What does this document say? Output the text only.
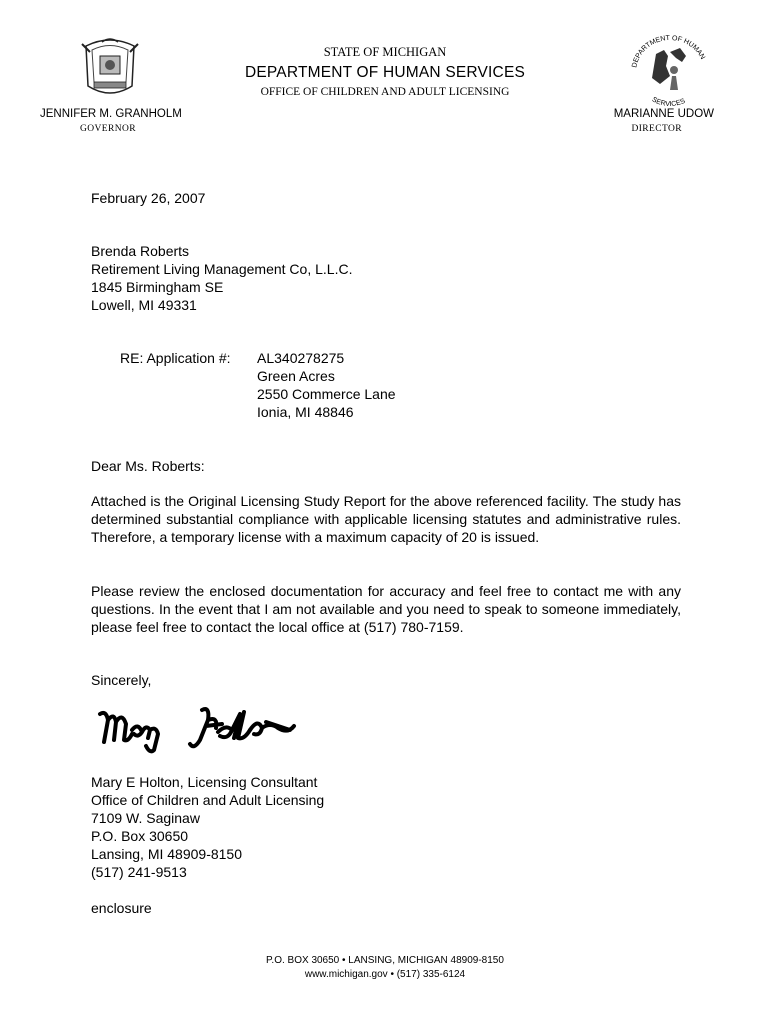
STATE OF MICHIGAN
DEPARTMENT OF HUMAN SERVICES
OFFICE OF CHILDREN AND ADULT LICENSING
DEPARTMENT OF HUMAN
SERVICES
JENNIFER M. GRANHOLM
GOVERNOR
MARIANNE UDOW
DIRECTOR
February 26, 2007
Brenda Roberts
Retirement Living Management Co, L.L.C.
1845 Birmingham SE
Lowell, MI 49331
RE: Application #: AL340278275
Green Acres
2550 Commerce Lane
Ionia, MI 48846
Dear Ms. Roberts:
Attached is the Original Licensing Study Report for the above referenced facility. The study has determined substantial compliance with applicable licensing statutes and administrative rules. Therefore, a temporary license with a maximum capacity of 20 is issued.
Please review the enclosed documentation for accuracy and feel free to contact me with any questions. In the event that I am not available and you need to speak to someone immediately, please feel free to contact the local office at (517) 780-7159.
Sincerely,
Mary E Holton, Licensing Consultant
Office of Children and Adult Licensing
7109 W. Saginaw
P.O. Box 30650
Lansing, MI 48909-8150
(517) 241-9513
enclosure
P.O. BOX 30650 • LANSING, MICHIGAN 48909-8150
www.michigan.gov • (517) 335-6124
